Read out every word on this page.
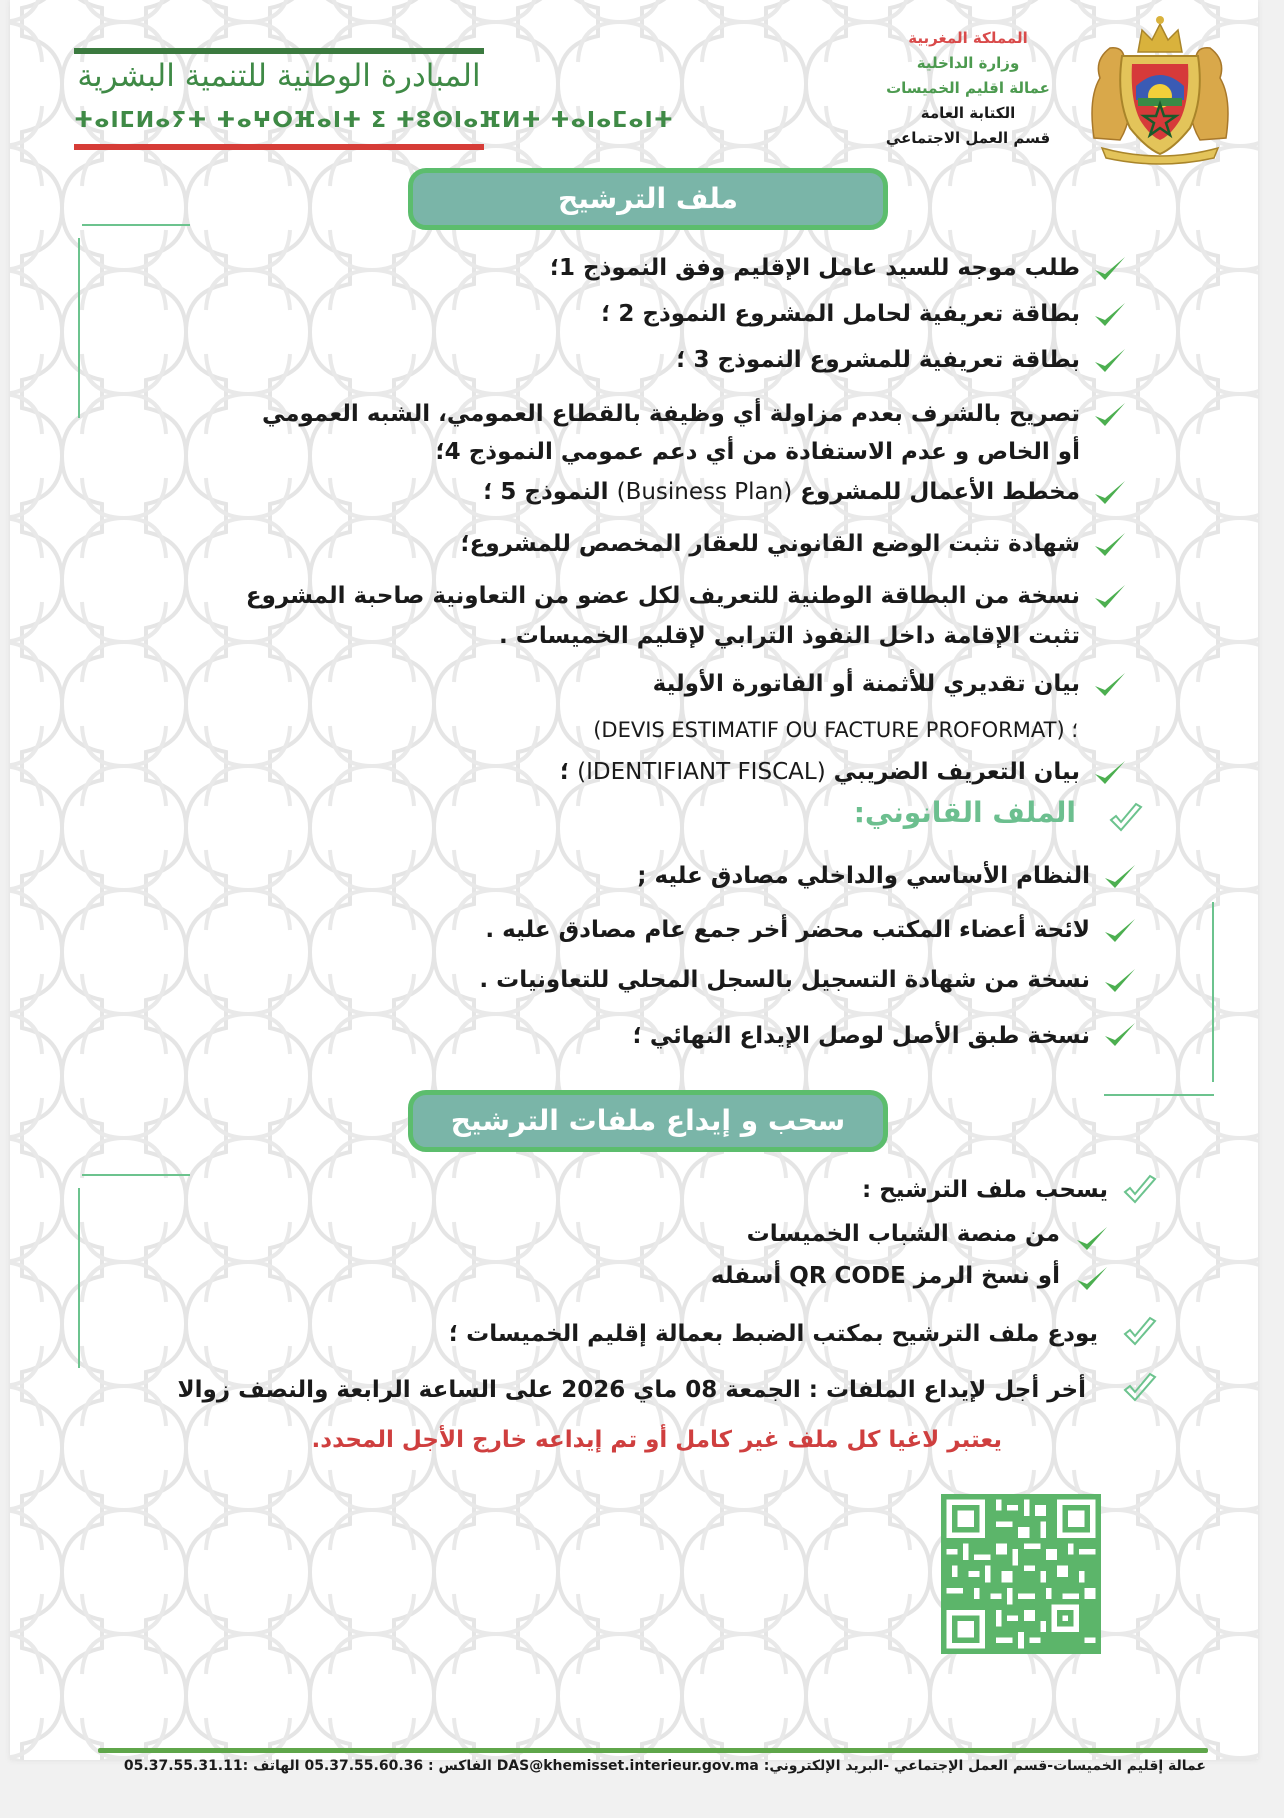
المبادرة الوطنية للتنمية البشرية
ⵜⴰⵏⵎⵍⴰⵢⵜ ⵜⴰⵖⵔⴼⴰⵏⵜ ⵉ ⵜⵓⵙⵏⴰⴼⵍⵜ ⵜⴰⵏⴰⵎⴰⵏⵜ
المملكة المغربية
وزارة الداخلية
عمالة اقليم الخميسات
الكتابة العامة
قسم العمل الاجتماعي
ملف الترشيح
طلب موجه للسيد عامل الإقليم وفق النموذج 1؛
بطاقة تعريفية لحامل المشروع النموذج 2 ؛
بطاقة تعريفية للمشروع النموذج 3 ؛
تصريح بالشرف بعدم مزاولة أي وظيفة بالقطاع العمومي، الشبه العمومي
أو الخاص و عدم الاستفادة من أي دعم عمومي النموذج 4؛
مخطط الأعمال للمشروع (Business Plan) النموذج 5 ؛
شهادة تثبت الوضع القانوني للعقار المخصص للمشروع؛
نسخة من البطاقة الوطنية للتعريف لكل عضو من التعاونية صاحبة المشروع
تثبت الإقامة داخل النفوذ الترابي لإقليم الخميسات .
بيان تقديري للأثمنة أو الفاتورة الأولية
؛ (DEVIS ESTIMATIF OU FACTURE PROFORMAT)
بيان التعريف الضريبي (IDENTIFIANT FISCAL) ؛
الملف القانوني:
النظام الأساسي والداخلي مصادق عليه ;
لائحة أعضاء المكتب محضر أخر جمع عام مصادق عليه .
نسخة من شهادة التسجيل بالسجل المحلي للتعاونيات .
نسخة طبق الأصل لوصل الإيداع النهائي ؛
سحب و إيداع ملفات الترشيح
يسحب ملف الترشيح :
من منصة الشباب الخميسات
أو نسخ الرمز QR CODE أسفله
يودع ملف الترشيح بمكتب الضبط بعمالة إقليم الخميسات ؛
أخر أجل لإيداع الملفات : الجمعة 08 ماي 2026 على الساعة الرابعة والنصف زوالا
يعتبر لاغيا كل ملف غير كامل أو تم إيداعه خارج الأجل المحدد.
عمالة إقليم الخميسات-قسم العمل الإجتماعي -البريد الإلكتروني: DAS@khemisset.interieur.gov.ma الفاكس : 05.37.55.60.36 الهاتف :05.37.55.31.11
